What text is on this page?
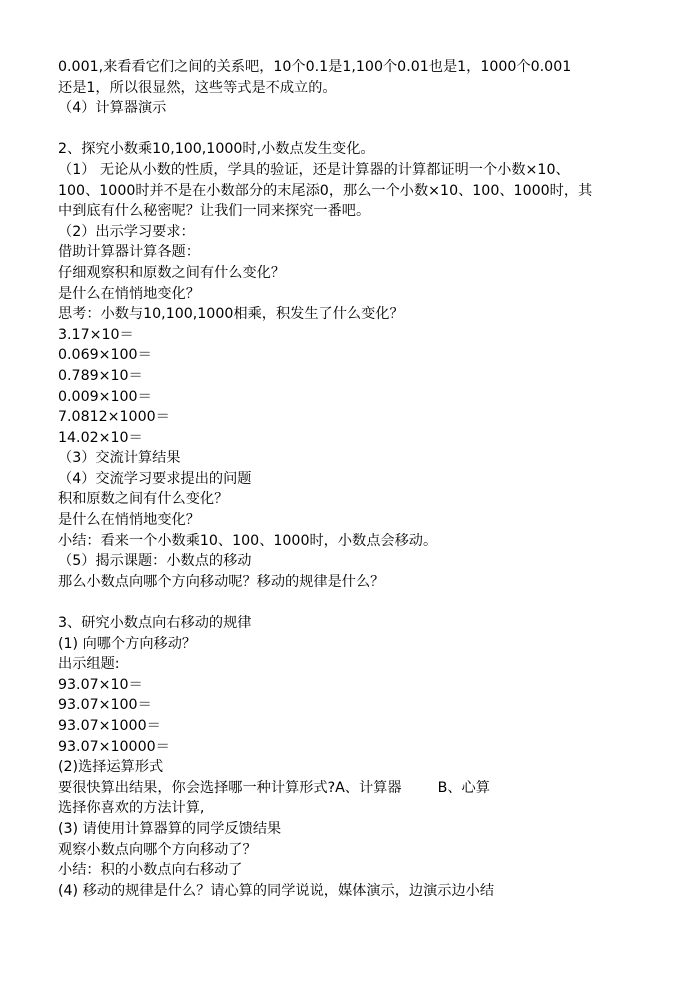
0.001,来看看它们之间的关系吧，10个0.1是1,100个0.01也是1，1000个0.001
还是1，所以很显然，这些等式是不成立的。
（4）计算器演示
2、探究小数乘10,100,1000时,小数点发生变化。
（1） 无论从小数的性质，学具的验证，还是计算器的计算都证明一个小数×10、
100、1000时并不是在小数部分的末尾添0，那么一个小数×10、100、1000时，其
中到底有什么秘密呢？让我们一同来探究一番吧。
（2）出示学习要求：
借助计算器计算各题：
仔细观察积和原数之间有什么变化？
是什么在悄悄地变化？
思考：小数与10,100,1000相乘，积发生了什么变化？
3.17×10＝
0.069×100＝
0.789×10＝
0.009×100＝
7.0812×1000＝
14.02×10＝
（3）交流计算结果
（4）交流学习要求提出的问题
积和原数之间有什么变化？
是什么在悄悄地变化？
小结：看来一个小数乘10、100、1000时，小数点会移动。
（5）揭示课题：小数点的移动
那么小数点向哪个方向移动呢？移动的规律是什么？
3、研究小数点向右移动的规律
(1) 向哪个方向移动？
出示组题:
93.07×10＝
93.07×100＝
93.07×1000＝
93.07×10000＝
(2)选择运算形式
要很快算出结果，你会选择哪一种计算形式?A、计算器        B、心算
选择你喜欢的方法计算,
(3) 请使用计算器算的同学反馈结果
观察小数点向哪个方向移动了？
小结：积的小数点向右移动了
(4) 移动的规律是什么？请心算的同学说说，媒体演示，边演示边小结
